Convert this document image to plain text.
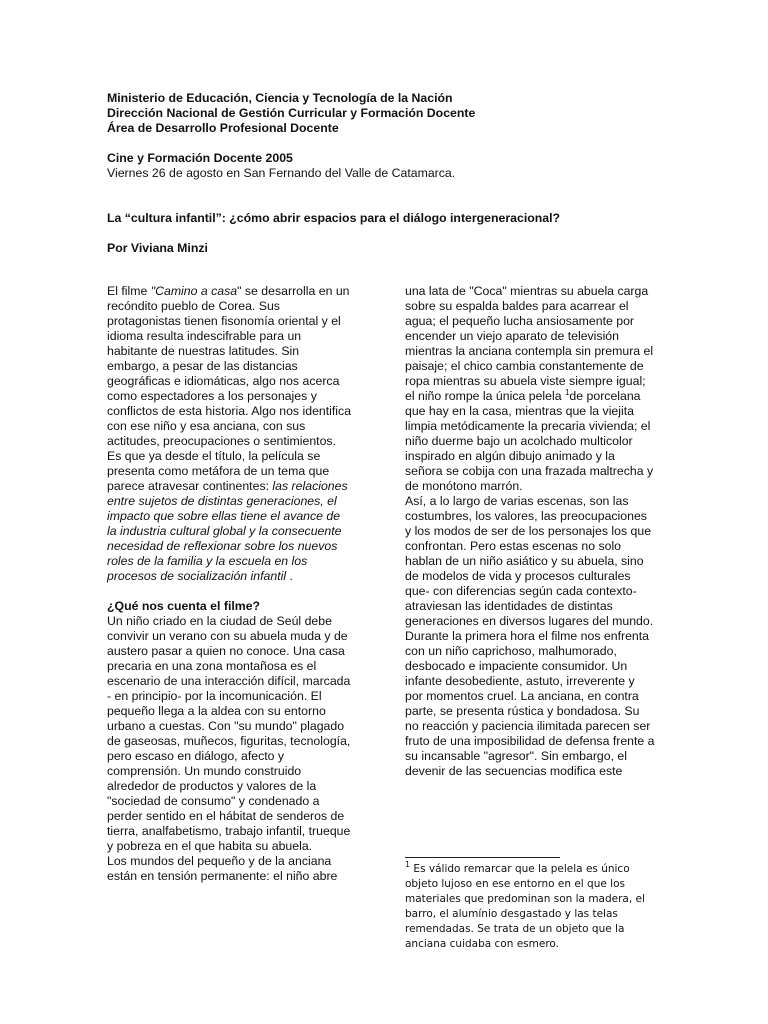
Ministerio de Educación, Ciencia y Tecnología de la Nación
Dirección Nacional de Gestión Curricular y Formación Docente
Área de Desarrollo Profesional Docente
Cine y Formación Docente 2005
Viernes 26 de agosto en San Fernando del Valle de Catamarca.
La “cultura infantil”: ¿cómo abrir espacios para el diálogo intergeneracional?
Por Viviana Minzi

El filme "Camino a casa" se desarrolla en un recóndito pueblo de Corea. Sus protagonistas tienen fisonomía oriental y el idioma resulta indescifrable para un habitante de nuestras latitudes. Sin embargo, a pesar de las distancias geográficas e idiomáticas, algo nos acerca como espectadores a los personajes y conflictos de esta historia. Algo nos identifica con ese niño y esa anciana, con sus actitudes, preocupaciones o sentimientos. Es que ya desde el título, la película se presenta como metáfora de un tema que parece atravesar continentes: las relaciones entre sujetos de distintas generaciones, el impacto que sobre ellas tiene el avance de la industria cultural global y la consecuente necesidad de reflexionar sobre los nuevos roles de la familia y la escuela en los procesos de socialización infantil .

¿Qué nos cuenta el filme?

Un niño criado en la ciudad de Seúl debe convivir un verano con su abuela muda y de austero pasar a quien no conoce. Una casa precaria en una zona montañosa es el escenario de una interacción difícil, marcada - en principio- por la incomunicación. El pequeño llega a la aldea con su entorno urbano a cuestas. Con "su mundo" plagado de gaseosas, muñecos, figuritas, tecnología, pero escaso en diálogo, afecto y comprensión. Un mundo construido alrededor de productos y valores de la "sociedad de consumo" y condenado a perder sentido en el hábitat de senderos de tierra, analfabetismo, trabajo infantil, trueque y pobreza en el que habita su abuela.

Los mundos del pequeño y de la anciana están en tensión permanente: el niño abre

una lata de "Coca" mientras su abuela carga sobre su espalda baldes para acarrear el agua; el pequeño lucha ansiosamente por encender un viejo aparato de televisión mientras la anciana contempla sin premura el paisaje; el chico cambia constantemente de ropa mientras su abuela viste siempre igual; el niño rompe la única pelela $^1$de porcelana que hay en la casa, mientras que la viejita limpia metódicamente la precaria vivienda; el niño duerme bajo un acolchado multicolor inspirado en algún dibujo animado y la señora se cobija con una frazada maltrecha y de monótono marrón.

Así, a lo largo de varias escenas, son las costumbres, los valores, las preocupaciones y los modos de ser de los personajes los que confrontan. Pero estas escenas no solo hablan de un niño asiático y su abuela, sino de modelos de vida y procesos culturales que- con diferencias según cada contexto- atraviesan las identidades de distintas generaciones en diversos lugares del mundo.

Durante la primera hora el filme nos enfrenta con un niño caprichoso, malhumorado, desbocado e impaciente consumidor. Un infante desobediente, astuto, irreverente y por momentos cruel. La anciana, en contra parte, se presenta rústica y bondadosa. Su no reacción y paciencia ilimitada parecen ser fruto de una imposibilidad de defensa frente a su incansable "agresor". Sin embargo, el devenir de las secuencias modifica este

$^1$ Es válido remarcar que la pelela es único objeto lujoso en ese entorno en el que los materiales que predominan son la madera, el barro, el alumínio desgastado y las telas remendadas. Se trata de un objeto que la anciana cuidaba con esmero.
